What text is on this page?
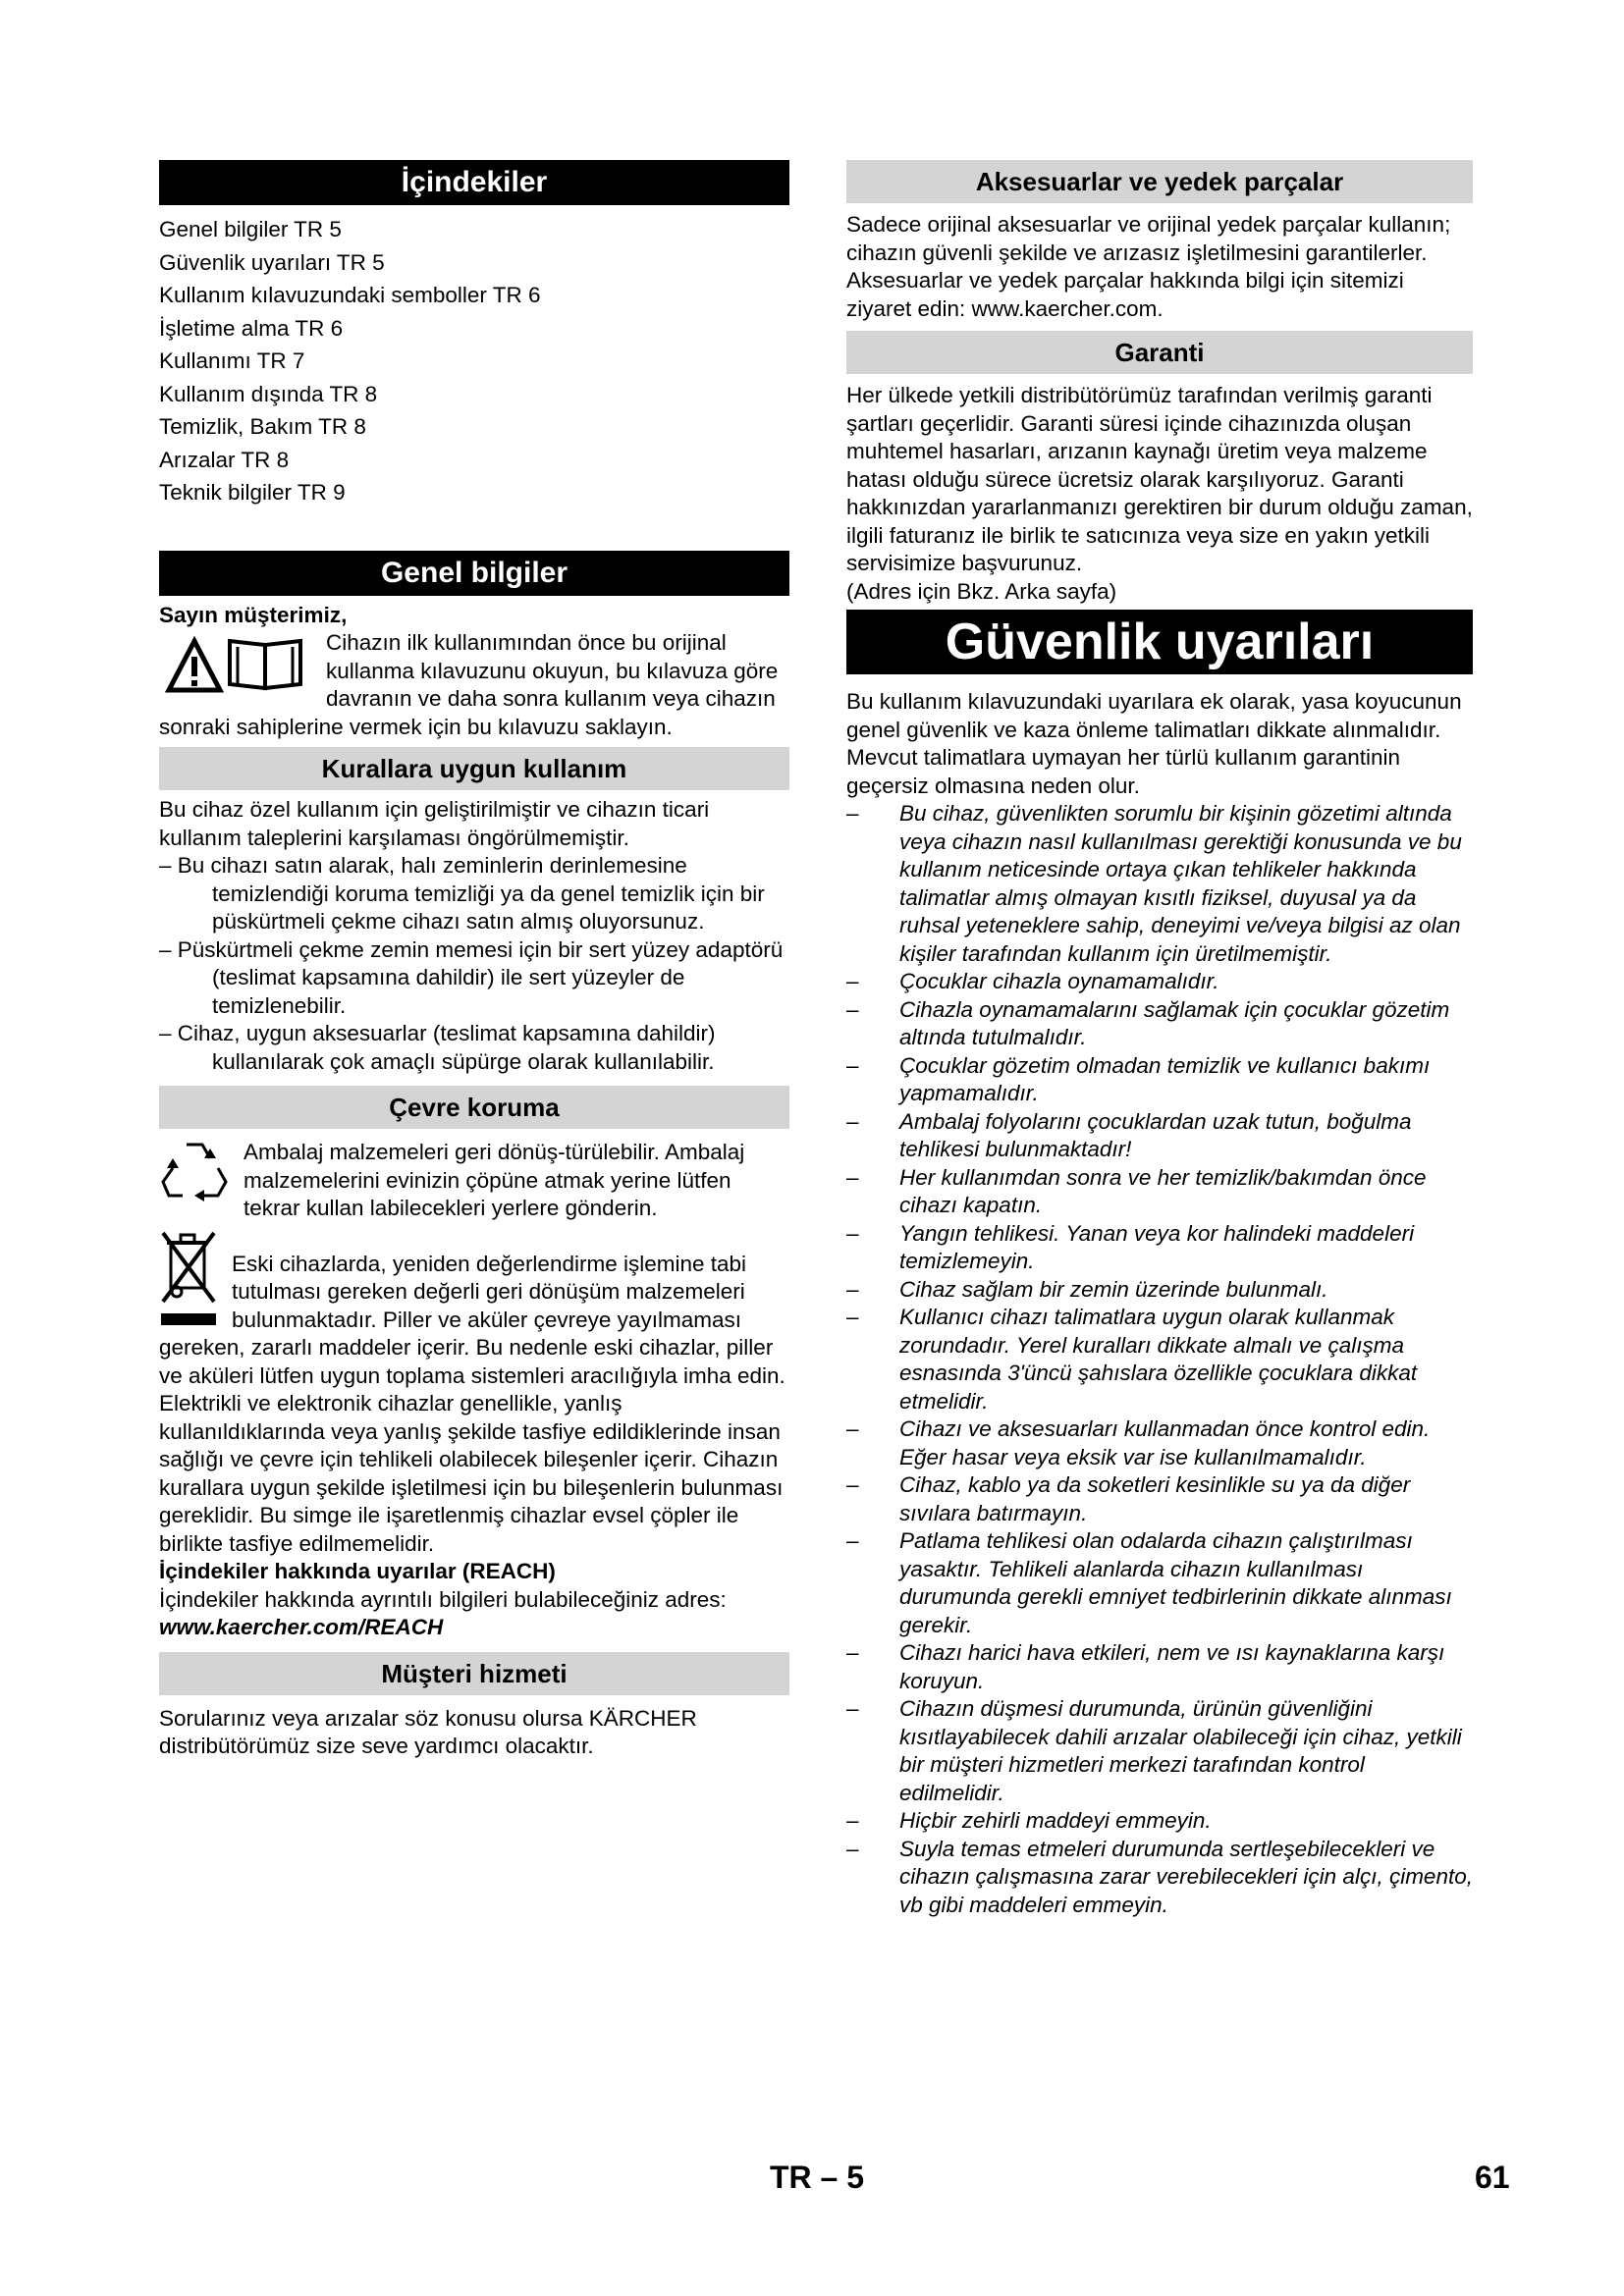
İçindekiler

Genel bilgiler TR 5

Güvenlik uyarıları TR 5

Kullanım kılavuzundaki semboller TR 6

İşletime alma TR 6

Kullanımı TR 7

Kullanım dışında TR 8

Temizlik, Bakım TR 8

Arızalar TR 8

Teknik bilgiler TR 9

Genel bilgiler

Sayın müşterimiz,

Cihazın ilk kullanımından önce bu orijinal kullanma kılavuzunu okuyun, bu kılavuza göre davranın ve daha sonra kullanım veya cihazın sonraki sahiplerine vermek için bu kılavuzu saklayın.

Kurallara uygun kullanım

Bu cihaz özel kullanım için geliştirilmiştir ve cihazın ticari kullanım taleplerini karşılaması öngörülmemiştir.

– Bu cihazı satın alarak, halı zeminlerin derinlemesine temizlendiği koruma temizliği ya da genel temizlik için bir püskürtmeli çekme cihazı satın almış oluyorsunuz.

– Püskürtmeli çekme zemin memesi için bir sert yüzey adaptörü (teslimat kapsamına dahildir) ile sert yüzeyler de temizlenebilir.

– Cihaz, uygun aksesuarlar (teslimat kapsamına dahildir) kullanılarak çok amaçlı süpürge olarak kullanılabilir.

Çevre koruma

Ambalaj malzemeleri geri dönüş-türülebilir. Ambalaj malzemelerini evinizin çöpüne atmak yerine lütfen tekrar kullan labilecekleri yerlere gönderin.

Eski cihazlarda, yeniden değerlendirme işlemine tabi tutulması gereken değerli geri dönüşüm malzemeleri bulunmaktadır. Piller ve aküler çevreye yayılmaması gereken, zararlı maddeler içerir. Bu nedenle eski cihazlar, piller ve aküleri lütfen uygun toplama sistemleri aracılığıyla imha edin.

Elektrikli ve elektronik cihazlar genellikle, yanlış kullanıldıklarında veya yanlış şekilde tasfiye edildiklerinde insan sağlığı ve çevre için tehlikeli olabilecek bileşenler içerir. Cihazın kurallara uygun şekilde işletilmesi için bu bileşenlerin bulunması gereklidir. Bu simge ile işaretlenmiş cihazlar evsel çöpler ile birlikte tasfiye edilmemelidir.

İçindekiler hakkında uyarılar (REACH)

İçindekiler hakkında ayrıntılı bilgileri bulabileceğiniz adres:

www.kaercher.com/REACH

Müşteri hizmeti

Sorularınız veya arızalar söz konusu olursa KÄRCHER distribütörümüz size seve yardımcı olacaktır.

Aksesuarlar ve yedek parçalar

Sadece orijinal aksesuarlar ve orijinal yedek parçalar kullanın; cihazın güvenli şekilde ve arızasız işletilmesini garantilerler.

Aksesuarlar ve yedek parçalar hakkında bilgi için sitemizi ziyaret edin: www.kaercher.com.

Garanti

Her ülkede yetkili distribütörümüz tarafından verilmiş garanti şartları geçerlidir. Garanti süresi içinde cihazınızda oluşan muhtemel hasarları, arızanın kaynağı üretim veya malzeme hatası olduğu sürece ücretsiz olarak karşılıyoruz. Garanti hakkınızdan yararlanmanızı gerektiren bir durum olduğu zaman, ilgili faturanız ile birlik te satıcınıza veya size en yakın yetkili servisimize başvurunuz.

(Adres için Bkz. Arka sayfa)

Güvenlik uyarıları

Bu kullanım kılavuzundaki uyarılara ek olarak, yasa koyucunun genel güvenlik ve kaza önleme talimatları dikkate alınmalıdır.

Mevcut talimatlara uymayan her türlü kullanım garantinin geçersiz olmasına neden olur.

– Bu cihaz, güvenlikten sorumlu bir kişinin gözetimi altında veya cihazın nasıl kullanılması gerektiği konusunda ve bu kullanım neticesinde ortaya çıkan tehlikeler hakkında talimatlar almış olmayan kısıtlı fiziksel, duyusal ya da ruhsal yeteneklere sahip, deneyimi ve/veya bilgisi az olan kişiler tarafından kullanım için üretilmemiştir.

– Çocuklar cihazla oynamamalıdır.

– Cihazla oynamamalarını sağlamak için çocuklar gözetim altında tutulmalıdır.

– Çocuklar gözetim olmadan temizlik ve kullanıcı bakımı yapmamalıdır.

– Ambalaj folyolarını çocuklardan uzak tutun, boğulma tehlikesi bulunmaktadır!

– Her kullanımdan sonra ve her temizlik/bakımdan önce cihazı kapatın.

– Yangın tehlikesi. Yanan veya kor halindeki maddeleri temizlemeyin.

– Cihaz sağlam bir zemin üzerinde bulunmalı.

– Kullanıcı cihazı talimatlara uygun olarak kullanmak zorundadır. Yerel kuralları dikkate almalı ve çalışma esnasında 3'üncü şahıslara özellikle çocuklara dikkat etmelidir.

– Cihazı ve aksesuarları kullanmadan önce kontrol edin. Eğer hasar veya eksik var ise kullanılmamalıdır.

– Cihaz, kablo ya da soketleri kesinlikle su ya da diğer sıvılara batırmayın.

– Patlama tehlikesi olan odalarda cihazın çalıştırılması yasaktır. Tehlikeli alanlarda cihazın kullanılması durumunda gerekli emniyet tedbirlerinin dikkate alınması gerekir.

– Cihazı harici hava etkileri, nem ve ısı kaynaklarına karşı koruyun.

– Cihazın düşmesi durumunda, ürünün güvenliğini kısıtlayabilecek dahili arızalar olabileceği için cihaz, yetkili bir müşteri hizmetleri merkezi tarafından kontrol edilmelidir.

– Hiçbir zehirli maddeyi emmeyin.

– Suyla temas etmeleri durumunda sertleşebilecekleri ve cihazın çalışmasına zarar verebilecekleri için alçı, çimento, vb gibi maddeleri emmeyin.

TR – 5	61
